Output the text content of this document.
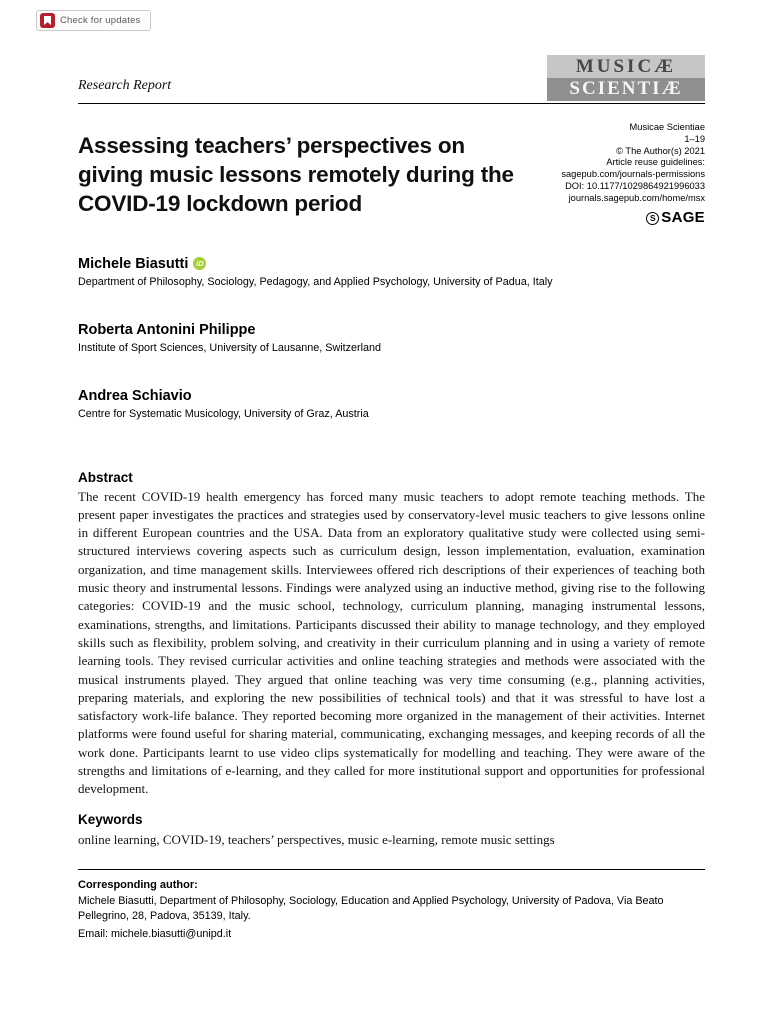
Check for updates
Research Report
MUSICÆ
SCIENTIÆ
Assessing teachers’ perspectives on giving music lessons remotely during the COVID-19 lockdown period
Musicae Scientiae
1–19
© The Author(s) 2021
Article reuse guidelines:
sagepub.com/journals-permissions
DOI: 10.1177/1029864921996033
journals.sagepub.com/home/msx
S SAGE
Michele Biasutti iD
Department of Philosophy, Sociology, Pedagogy, and Applied Psychology, University of Padua, Italy
Roberta Antonini Philippe
Institute of Sport Sciences, University of Lausanne, Switzerland
Andrea Schiavio
Centre for Systematic Musicology, University of Graz, Austria
Abstract

The recent COVID-19 health emergency has forced many music teachers to adopt remote teaching methods. The present paper investigates the practices and strategies used by conservatory-level music teachers to give lessons online in different European countries and the USA. Data from an exploratory qualitative study were collected using semi-structured interviews covering aspects such as curriculum design, lesson implementation, evaluation, examination organization, and time management skills. Interviewees offered rich descriptions of their experiences of teaching both music theory and instrumental lessons. Findings were analyzed using an inductive method, giving rise to the following categories: COVID-19 and the music school, technology, curriculum planning, managing instrumental lessons, examinations, strengths, and limitations. Participants discussed their ability to manage technology, and they employed skills such as flexibility, problem solving, and creativity in their curriculum planning and in using a variety of remote learning tools. They revised curricular activities and online teaching strategies and methods were associated with the musical instruments played. They argued that online teaching was very time consuming (e.g., planning activities, preparing materials, and exploring the new possibilities of technical tools) and that it was stressful to have lost a satisfactory work-life balance. They reported becoming more organized in the management of their activities. Internet platforms were found useful for sharing material, communicating, exchanging messages, and keeping records of all the work done. Participants learnt to use video clips systematically for modelling and teaching. They were aware of the strengths and limitations of e-learning, and they called for more institutional support and opportunities for professional development.

Keywords

online learning, COVID-19, teachers’ perspectives, music e-learning, remote music settings

Corresponding author:

Michele Biasutti, Department of Philosophy, Sociology, Education and Applied Psychology, University of Padova, Via Beato Pellegrino, 28, Padova, 35139, Italy.

Email: michele.biasutti@unipd.it
